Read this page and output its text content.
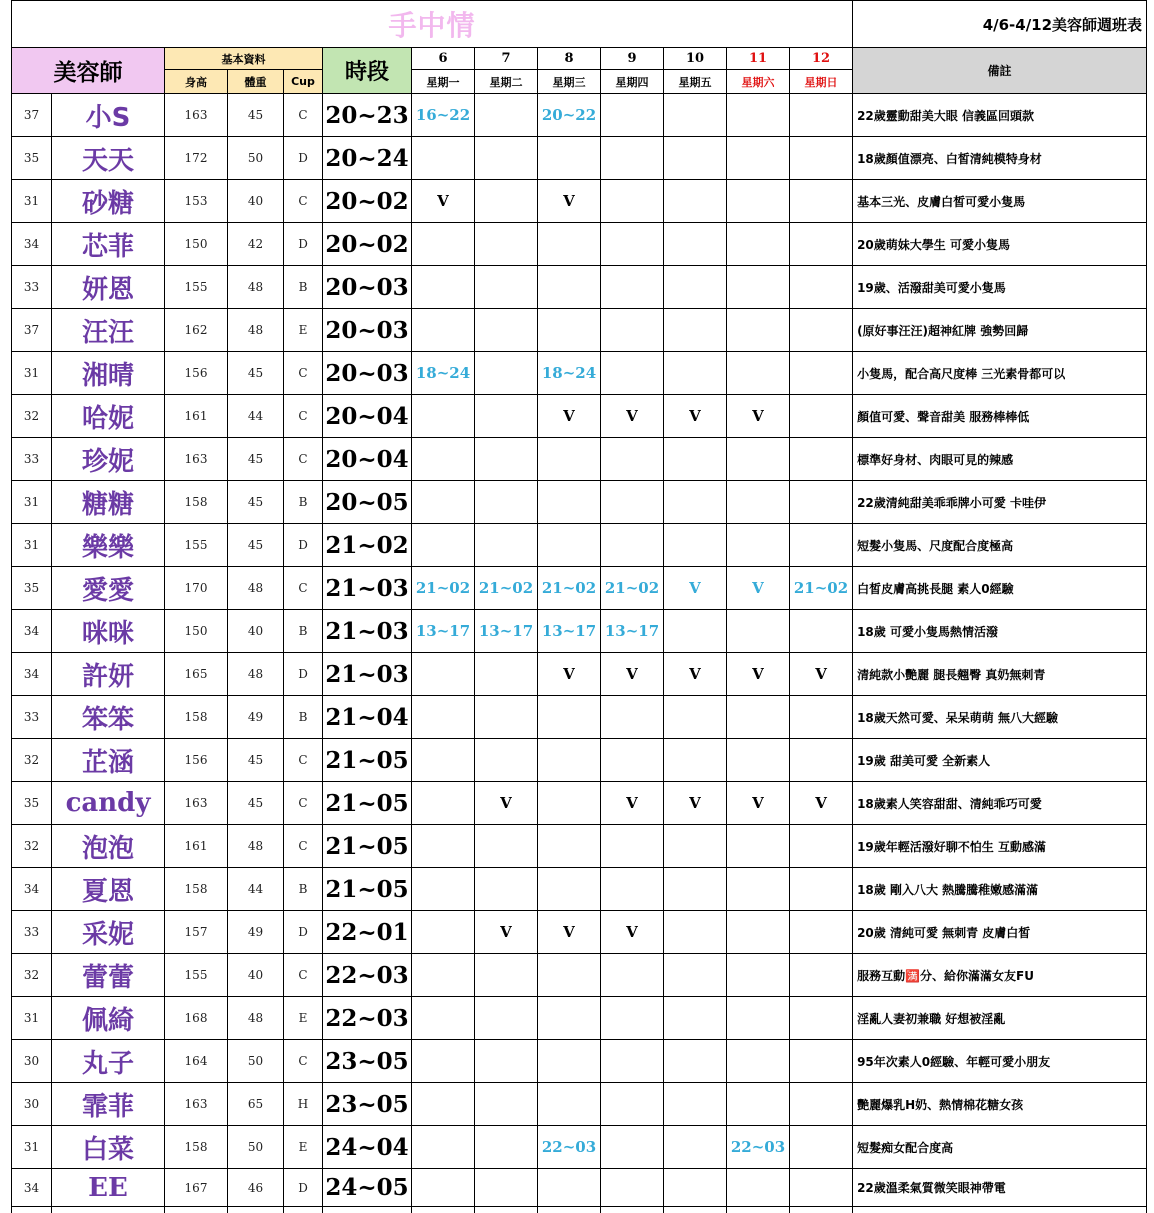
手中情													4/6-4/12美容師週班表
美容師		基本資料			時段	6	7	8	9	10	11	12	備註
		身高	體重	Cup		星期一	星期二	星期三	星期四	星期五	星期六	星期日	
37	小S	163	45	C	20~23	16~22		20~22					22歲靈動甜美大眼 信義區回頭款
35	天天	172	50	D	20~24								18歲顏值漂亮、白皙清純模特身材
31	砂糖	153	40	C	20~02	V		V					基本三光、皮膚白皙可愛小隻馬
34	芯菲	150	42	D	20~02								20歲萌妹大學生 可愛小隻馬
33	妍恩	155	48	B	20~03								19歲、活潑甜美可愛小隻馬
37	汪汪	162	48	E	20~03								(原好事汪汪)超神紅牌 強勢回歸
31	湘晴	156	45	C	20~03	18~24		18~24					小隻馬，配合高尺度棒 三光素骨都可以
32	哈妮	161	44	C	20~04			V	V	V	V		顏值可愛、聲音甜美 服務棒棒低
33	珍妮	163	45	C	20~04								標準好身材、肉眼可見的辣感
31	糖糖	158	45	B	20~05								22歲清純甜美乖乖牌小可愛 卡哇伊
31	樂樂	155	45	D	21~02								短髮小隻馬、尺度配合度極高
35	愛愛	170	48	C	21~03	21~02	21~02	21~02	21~02	V	V	21~02	白皙皮膚高挑長腿 素人0經驗
34	咪咪	150	40	B	21~03	13~17	13~17	13~17	13~17				18歲 可愛小隻馬熱情活潑
34	許妍	165	48	D	21~03			V	V	V	V	V	清純款小艷麗 腿長翹臀 真奶無刺青
33	笨笨	158	49	B	21~04								18歲天然可愛、呆呆萌萌 無八大經驗
32	芷涵	156	45	C	21~05								19歲 甜美可愛 全新素人
35	candy	163	45	C	21~05		V		V	V	V	V	18歲素人笑容甜甜、清純乖巧可愛
32	泡泡	161	48	C	21~05								19歲年輕活潑好聊不怕生 互動感滿
34	夏恩	158	44	B	21~05								18歲 剛入八大 熱騰騰稚嫩感滿滿
33	采妮	157	49	D	22~01		V	V	V				20歲 清純可愛 無刺青 皮膚白皙
32	蕾蕾	155	40	C	22~03								服務互動🈵分、給你滿滿女友FU
31	佩綺	168	48	E	22~03								淫亂人妻初兼職 好想被淫亂
30	丸子	164	50	C	23~05								95年次素人0經驗、年輕可愛小朋友
30	霏菲	163	65	H	23~05								艷麗爆乳H奶、熱情棉花糖女孩
31	白菜	158	50	E	24~04			22~03			22~03		短髮痴女配合度高
34	EE	167	46	D	24~05								22歲溫柔氣質微笑眼神帶電
